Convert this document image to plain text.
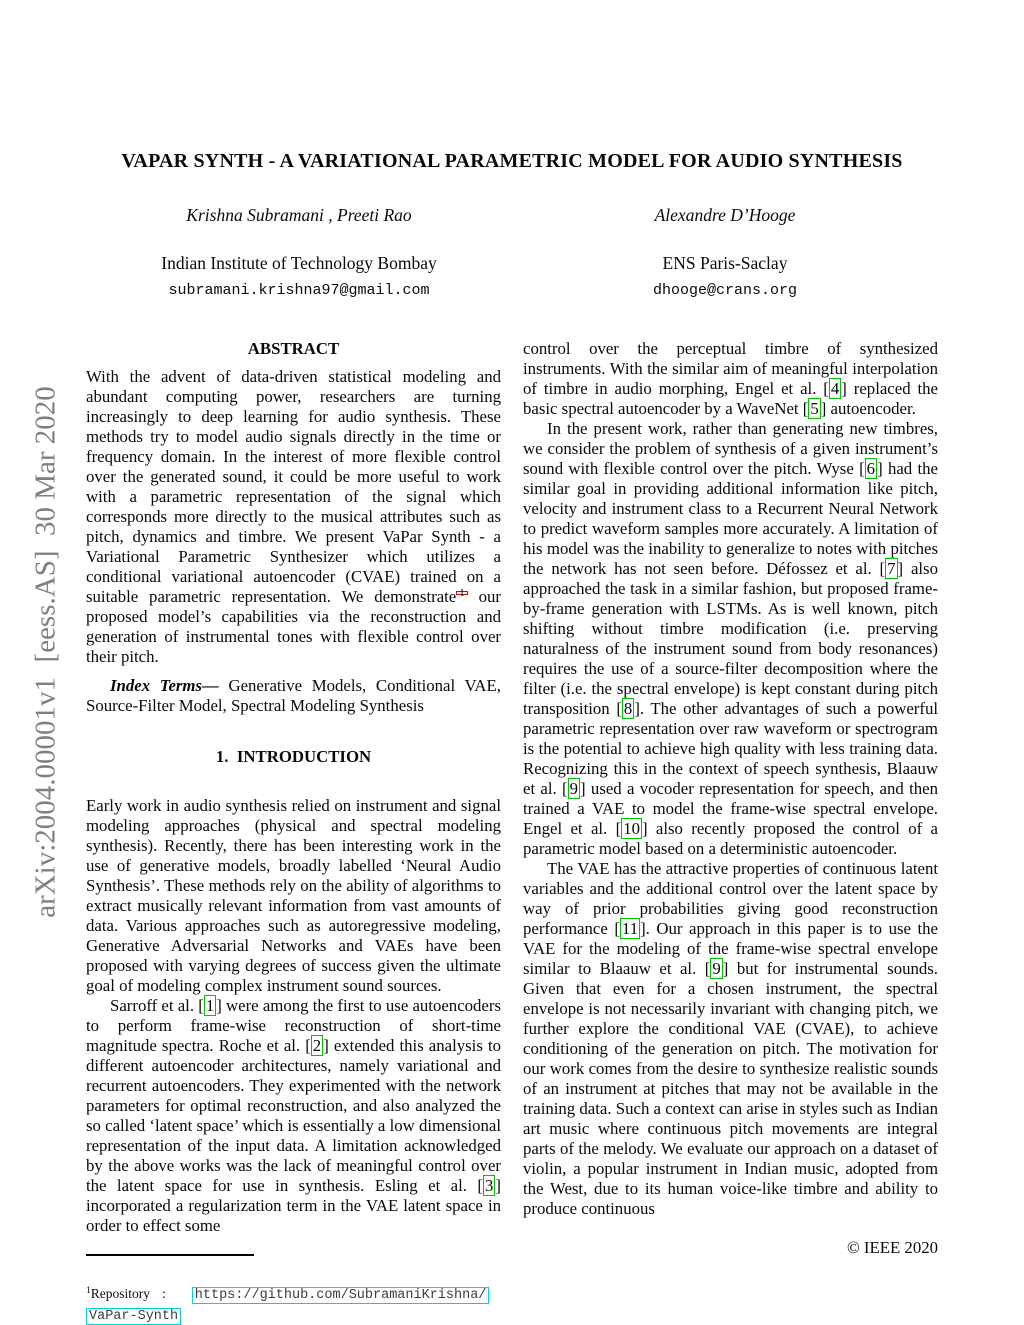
arXiv:2004.00001v1  [eess.AS]  30 Mar 2020
VAPAR SYNTH - A VARIATIONAL PARAMETRIC MODEL FOR AUDIO SYNTHESIS
Krishna Subramani , Preeti Rao
Indian Institute of Technology Bombay
subramani.krishna97@gmail.com
Alexandre D’Hooge
ENS Paris-Saclay
dhooge@crans.org
ABSTRACT

With the advent of data-driven statistical modeling and abundant computing power, researchers are turning increasingly to deep learning for audio synthesis. These methods try to model audio signals directly in the time or frequency domain. In the interest of more flexible control over the generated sound, it could be more useful to work with a parametric representation of the signal which corresponds more directly to the musical attributes such as pitch, dynamics and timbre. We present VaPar Synth - a Variational Parametric Synthesizer which utilizes a conditional variational autoencoder (CVAE) trained on a suitable parametric representation. We demonstrate 1 our proposed model’s capabilities via the reconstruction and generation of instrumental tones with flexible control over their pitch.

Index Terms— Generative Models, Conditional VAE, Source-Filter Model, Spectral Modeling Synthesis

1.  INTRODUCTION

Early work in audio synthesis relied on instrument and signal modeling approaches (physical and spectral modeling synthesis). Recently, there has been interesting work in the use of generative models, broadly labelled ‘Neural Audio Synthesis’. These methods rely on the ability of algorithms to extract musically relevant information from vast amounts of data. Various approaches such as autoregressive modeling, Generative Adversarial Networks and VAEs have been proposed with varying degrees of success given the ultimate goal of modeling complex instrument sound sources.

Sarroff et al. [ 1 ] were among the first to use autoencoders to perform frame-wise reconstruction of short-time magnitude spectra. Roche et al. [ 2 ] extended this analysis to different autoencoder architectures, namely variational and recurrent autoencoders. They experimented with the network parameters for optimal reconstruction, and also analyzed the so called ‘latent space’ which is essentially a low dimensional representation of the input data. A limitation acknowledged by the above works was the lack of meaningful control over the latent space for use in synthesis. Esling et al. [ 3 ] incorporated a regularization term in the VAE latent space in order to effect some

$^1$Repository : https://github.com/SubramaniKrishna/
VaPar-Synth

control over the perceptual timbre of synthesized instruments. With the similar aim of meaningful interpolation of timbre in audio morphing, Engel et al. [ 4 ] replaced the basic spectral autoencoder by a WaveNet [ 5 ] autoencoder.

In the present work, rather than generating new timbres, we consider the problem of synthesis of a given instrument’s sound with flexible control over the pitch. Wyse [ 6 ] had the similar goal in providing additional information like pitch, velocity and instrument class to a Recurrent Neural Network to predict waveform samples more accurately. A limitation of his model was the inability to generalize to notes with pitches the network has not seen before. Défossez et al. [ 7 ] also approached the task in a similar fashion, but proposed frame-by-frame generation with LSTMs. As is well known, pitch shifting without timbre modification (i.e. preserving naturalness of the instrument sound from body resonances) requires the use of a source-filter decomposition where the filter (i.e. the spectral envelope) is kept constant during pitch transposition [ 8 ]. The other advantages of such a powerful parametric representation over raw waveform or spectrogram is the potential to achieve high quality with less training data. Recognizing this in the context of speech synthesis, Blaauw et al. [ 9 ] used a vocoder representation for speech, and then trained a VAE to model the frame-wise spectral envelope. Engel et al. [ 10 ] also recently proposed the control of a parametric model based on a deterministic autoencoder.

The VAE has the attractive properties of continuous latent variables and the additional control over the latent space by way of prior probabilities giving good reconstruction performance [ 11 ]. Our approach in this paper is to use the VAE for the modeling of the frame-wise spectral envelope similar to Blaauw et al. [ 9 ] but for instrumental sounds. Given that even for a chosen instrument, the spectral envelope is not necessarily invariant with changing pitch, we further explore the conditional VAE (CVAE), to achieve conditioning of the generation on pitch. The motivation for our work comes from the desire to synthesize realistic sounds of an instrument at pitches that may not be available in the training data. Such a context can arise in styles such as Indian art music where continuous pitch movements are integral parts of the melody. We evaluate our approach on a dataset of violin, a popular instrument in Indian music, adopted from the West, due to its human voice-like timbre and ability to produce continuous

© IEEE 2020
